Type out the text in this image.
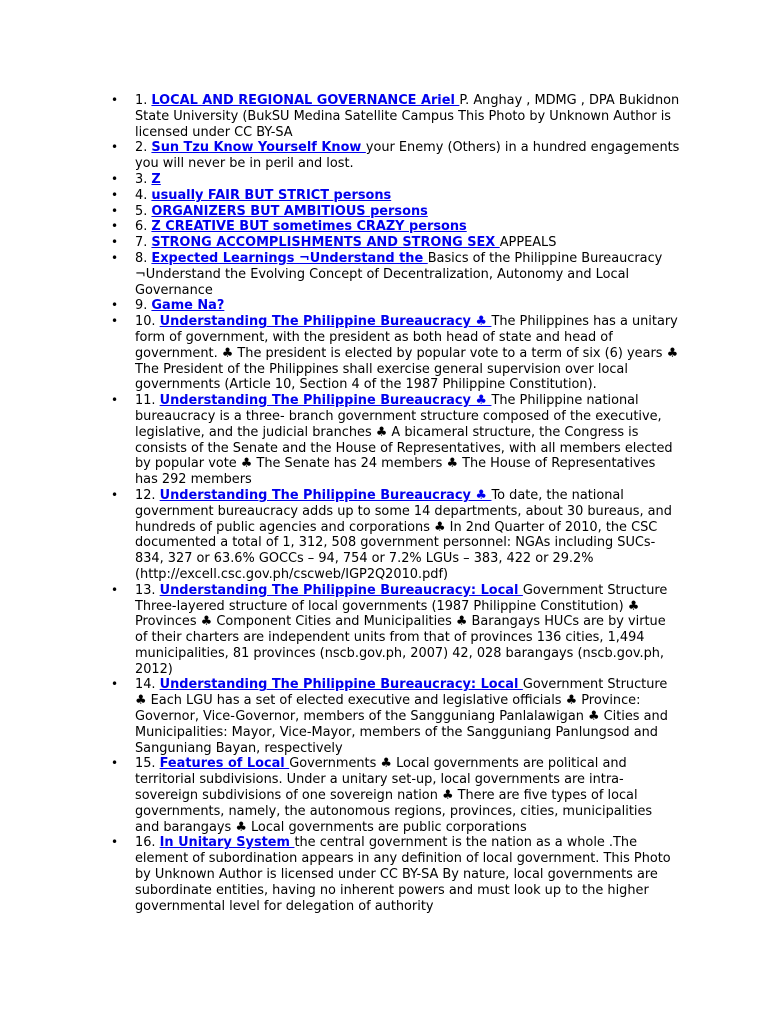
• 1. LOCAL AND REGIONAL GOVERNANCE Ariel P. Anghay , MDMG , DPA Bukidnon State University (BukSU Medina Satellite Campus This Photo by Unknown Author is licensed under CC BY-SA
• 2. Sun Tzu Know Yourself Know your Enemy (Others) in a hundred engagements you will never be in peril and lost.
• 3. Z
• 4. usually FAIR BUT STRICT persons
• 5. ORGANIZERS BUT AMBITIOUS persons
• 6. Z CREATIVE BUT sometimes CRAZY persons
• 7. STRONG ACCOMPLISHMENTS AND STRONG SEX APPEALS
• 8. Expected Learnings ¬Understand the Basics of the Philippine Bureaucracy ¬Understand the Evolving Concept of Decentralization, Autonomy and Local Governance
• 9. Game Na?
• 10. Understanding The Philippine Bureaucracy ♣ The Philippines has a unitary form of government, with the president as both head of state and head of government. ♣ The president is elected by popular vote to a term of six (6) years ♣ The President of the Philippines shall exercise general supervision over local governments (Article 10, Section 4 of the 1987 Philippine Constitution).
• 11. Understanding The Philippine Bureaucracy ♣ The Philippine national bureaucracy is a three- branch government structure composed of the executive, legislative, and the judicial branches ♣ A bicameral structure, the Congress is consists of the Senate and the House of Representatives, with all members elected by popular vote ♣ The Senate has 24 members ♣ The House of Representatives has 292 members
• 12. Understanding The Philippine Bureaucracy ♣ To date, the national government bureaucracy adds up to some 14 departments, about 30 bureaus, and hundreds of public agencies and corporations ♣ In 2nd Quarter of 2010, the CSC documented a total of 1, 312, 508 government personnel: NGAs including SUCs- 834, 327 or 63.6% GOCCs – 94, 754 or 7.2% LGUs – 383, 422 or 29.2% (http://excell.csc.gov.ph/cscweb/IGP2Q2010.pdf)
• 13. Understanding The Philippine Bureaucracy: Local Government Structure Three-layered structure of local governments (1987 Philippine Constitution) ♣ Provinces ♣ Component Cities and Municipalities ♣ Barangays HUCs are by virtue of their charters are independent units from that of provinces 136 cities, 1,494 municipalities, 81 provinces (nscb.gov.ph, 2007) 42, 028 barangays (nscb.gov.ph, 2012)
• 14. Understanding The Philippine Bureaucracy: Local Government Structure ♣ Each LGU has a set of elected executive and legislative officials ♣ Province: Governor, Vice-Governor, members of the Sangguniang Panlalawigan ♣ Cities and Municipalities: Mayor, Vice-Mayor, members of the Sangguniang Panlungsod and Sanguniang Bayan, respectively
• 15. Features of Local Governments ♣ Local governments are political and territorial subdivisions. Under a unitary set-up, local governments are intra- sovereign subdivisions of one sovereign nation ♣ There are five types of local governments, namely, the autonomous regions, provinces, cities, municipalities and barangays ♣ Local governments are public corporations
• 16. In Unitary System the central government is the nation as a whole .The element of subordination appears in any definition of local government. This Photo by Unknown Author is licensed under CC BY-SA By nature, local governments are subordinate entities, having no inherent powers and must look up to the higher governmental level for delegation of authority
